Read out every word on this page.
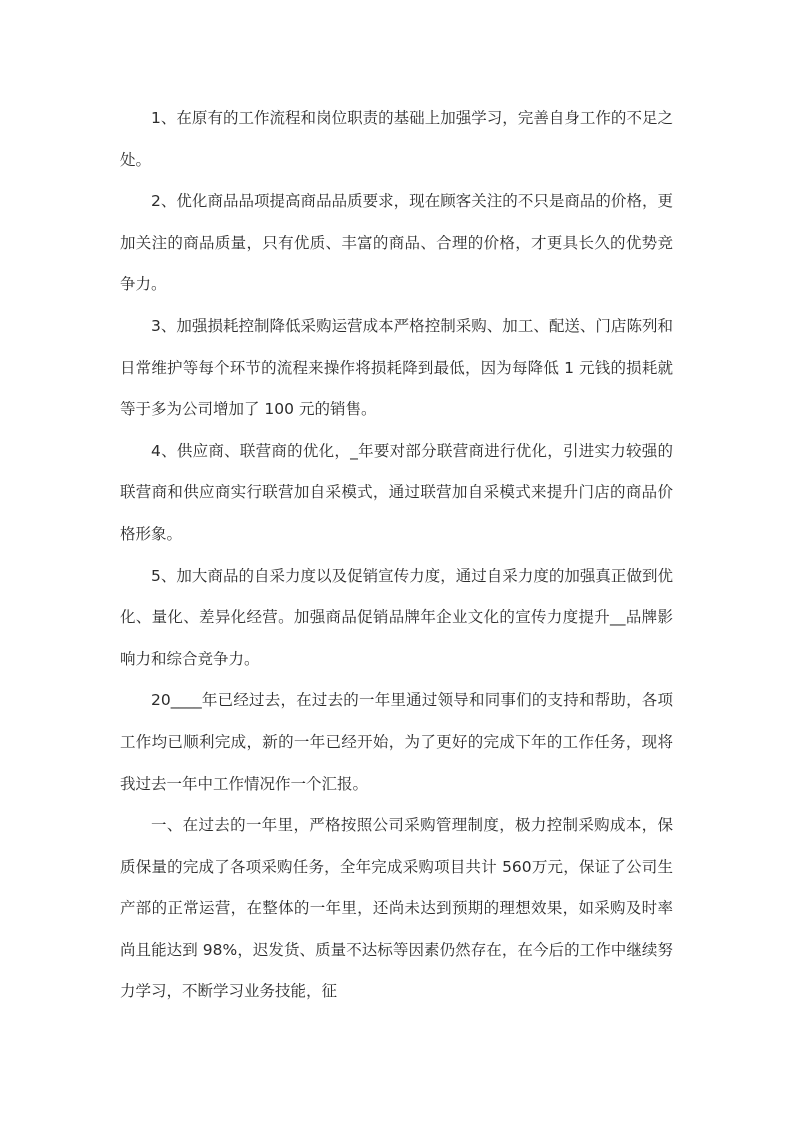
1、在原有的工作流程和岗位职责的基础上加强学习，完善自身工作的不足之处。

2、优化商品品项提高商品品质要求，现在顾客关注的不只是商品的价格，更加关注的商品质量，只有优质、丰富的商品、合理的价格，才更具长久的优势竞争力。

3、加强损耗控制降低采购运营成本严格控制采购、加工、配送、门店陈列和日常维护等每个环节的流程来操作将损耗降到最低，因为每降低 1 元钱的损耗就等于多为公司增加了 100 元的销售。

4、供应商、联营商的优化，_年要对部分联营商进行优化，引进实力较强的联营商和供应商实行联营加自采模式，通过联营加自采模式来提升门店的商品价格形象。

5、加大商品的自采力度以及促销宣传力度，通过自采力度的加强真正做到优化、量化、差异化经营。加强商品促销品牌年企业文化的宣传力度提升__品牌影响力和综合竞争力。

20____年已经过去，在过去的一年里通过领导和同事们的支持和帮助，各项工作均已顺利完成，新的一年已经开始，为了更好的完成下年的工作任务，现将我过去一年中工作情况作一个汇报。

一、在过去的一年里，严格按照公司采购管理制度，极力控制采购成本，保质保量的完成了各项采购任务，全年完成采购项目共计 560万元，保证了公司生产部的正常运营，在整体的一年里，还尚未达到预期的理想效果，如采购及时率尚且能达到 98%，迟发货、质量不达标等因素仍然存在，在今后的工作中继续努力学习，不断学习业务技能，征
